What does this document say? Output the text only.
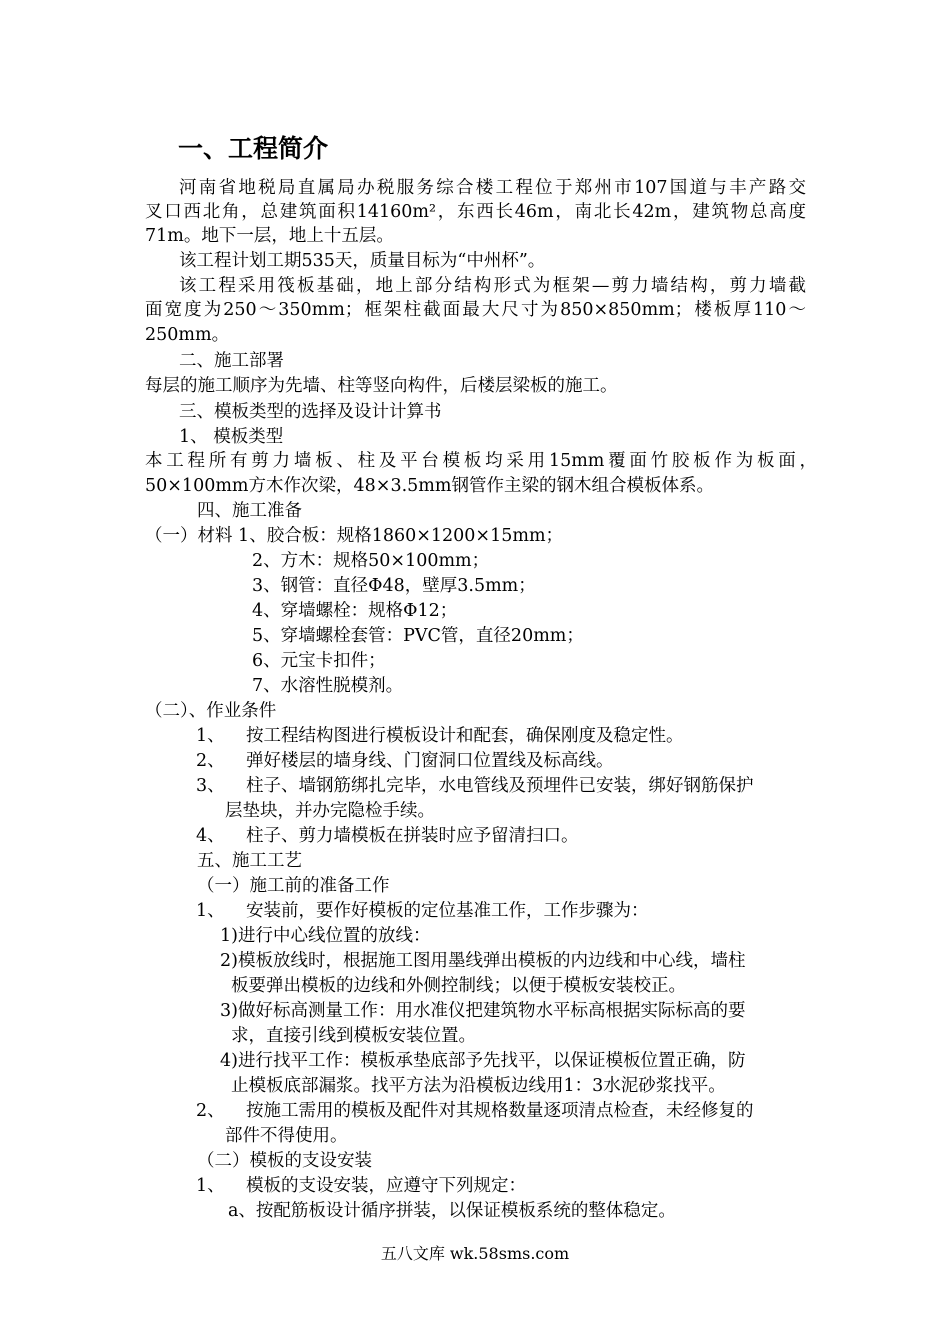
一、工程简介
河南省地税局直属局办税服务综合楼工程位于郑州市107国道与丰产路交
叉口西北角，总建筑面积14160m²，东西长46m，南北长42m，建筑物总高度
71m。地下一层，地上十五层。
该工程计划工期535天，质量目标为“中州杯”。
该工程采用筏板基础，地上部分结构形式为框架—剪力墙结构，剪力墙截
面宽度为250～350mm；框架柱截面最大尺寸为850×850mm；楼板厚110～
250mm。
二、施工部署
每层的施工顺序为先墙、柱等竖向构件，后楼层梁板的施工。
三、模板类型的选择及设计计算书
1、 模板类型
本工程所有剪力墙板、柱及平台模板均采用15mm覆面竹胶板作为板面，
50×100mm方木作次梁，48×3.5mm钢管作主梁的钢木组合模板体系。
四、施工准备
（一）材料 1、胶合板：规格1860×1200×15mm；
2、方木：规格50×100mm；
3、钢管：直径Φ48，壁厚3.5mm；
4、穿墙螺栓：规格Φ12；
5、穿墙螺栓套管：PVC管，直径20mm；
6、元宝卡扣件；
7、水溶性脱模剂。
（二）、作业条件
1、 按工程结构图进行模板设计和配套，确保刚度及稳定性。
2、 弹好楼层的墙身线、门窗洞口位置线及标高线。
3、 柱子、墙钢筋绑扎完毕，水电管线及预埋件已安装，绑好钢筋保护
层垫块，并办完隐检手续。
4、 柱子、剪力墙模板在拼装时应予留清扫口。
五、施工工艺
（一）施工前的准备工作
1、 安装前，要作好模板的定位基准工作，工作步骤为：
1)进行中心线位置的放线：
2)模板放线时，根据施工图用墨线弹出模板的内边线和中心线，墙柱
板要弹出模板的边线和外侧控制线；以便于模板安装校正。
3)做好标高测量工作：用水准仪把建筑物水平标高根据实际标高的要
求，直接引线到模板安装位置。
4)进行找平工作：模板承垫底部予先找平，以保证模板位置正确，防
止模板底部漏浆。找平方法为沿模板边线用1：3水泥砂浆找平。
2、 按施工需用的模板及配件对其规格数量逐项清点检查，未经修复的
部件不得使用。
（二）模板的支设安装
1、 模板的支设安装，应遵守下列规定：
a、按配筋板设计循序拼装，以保证模板系统的整体稳定。
五八文库 wk.58sms.com
